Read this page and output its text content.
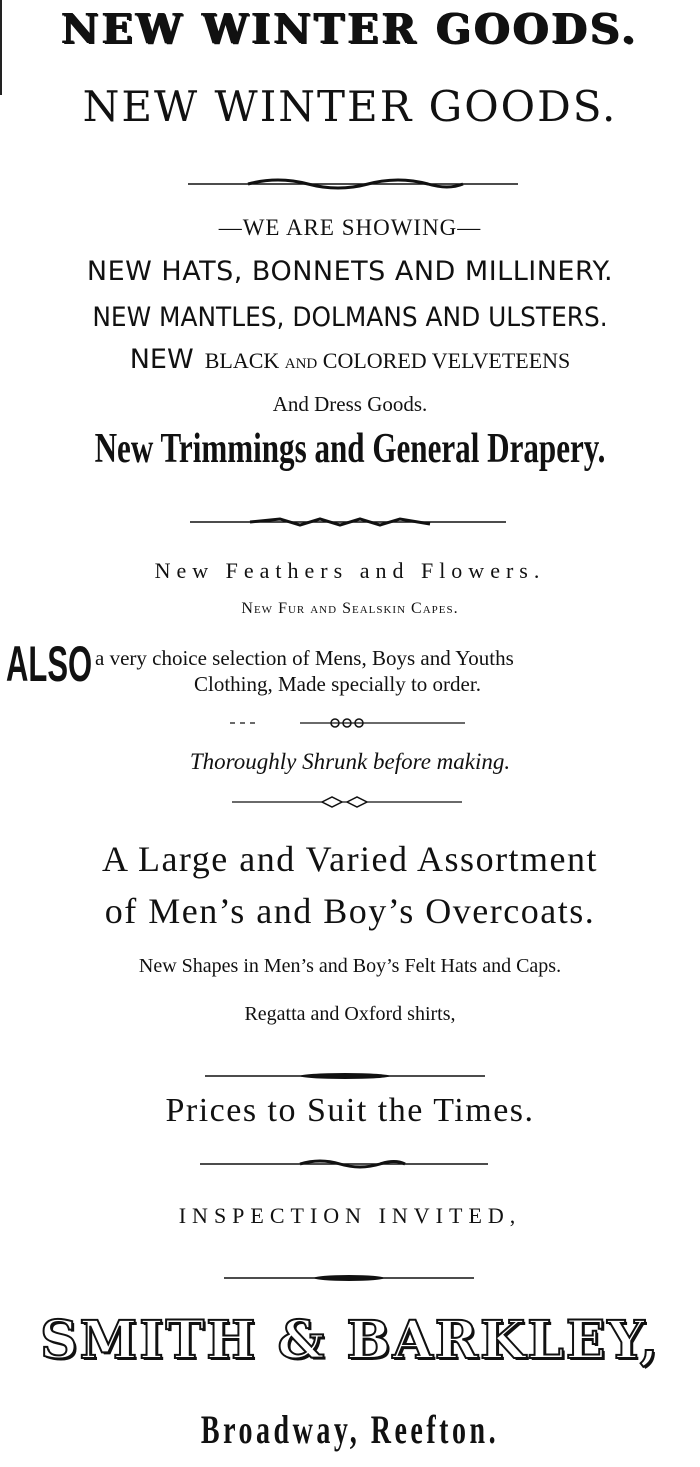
NEW WINTER GOODS.
NEW WINTER GOODS.
—WE ARE SHOWING—
NEW HATS, BONNETS AND MILLINERY.
NEW MANTLES, DOLMANS AND ULSTERS.
NEW BLACK AND COLORED VELVETEENS
And Dress Goods.
New Trimmings and General Drapery.
New Feathers and Flowers.
New Fur and Sealskin Capes.
ALSO a very choice selection of Mens, Boys and Youths
Clothing, Made specially to order.
Thoroughly Shrunk before making.
A Large and Varied Assortment
of Men’s and Boy’s Overcoats.
New Shapes in Men’s and Boy’s Felt Hats and Caps.
Regatta and Oxford shirts,
Prices to Suit the Times.
INSPECTION INVITED,
SMITH & BARKLEY,
Broadway, Reefton.
